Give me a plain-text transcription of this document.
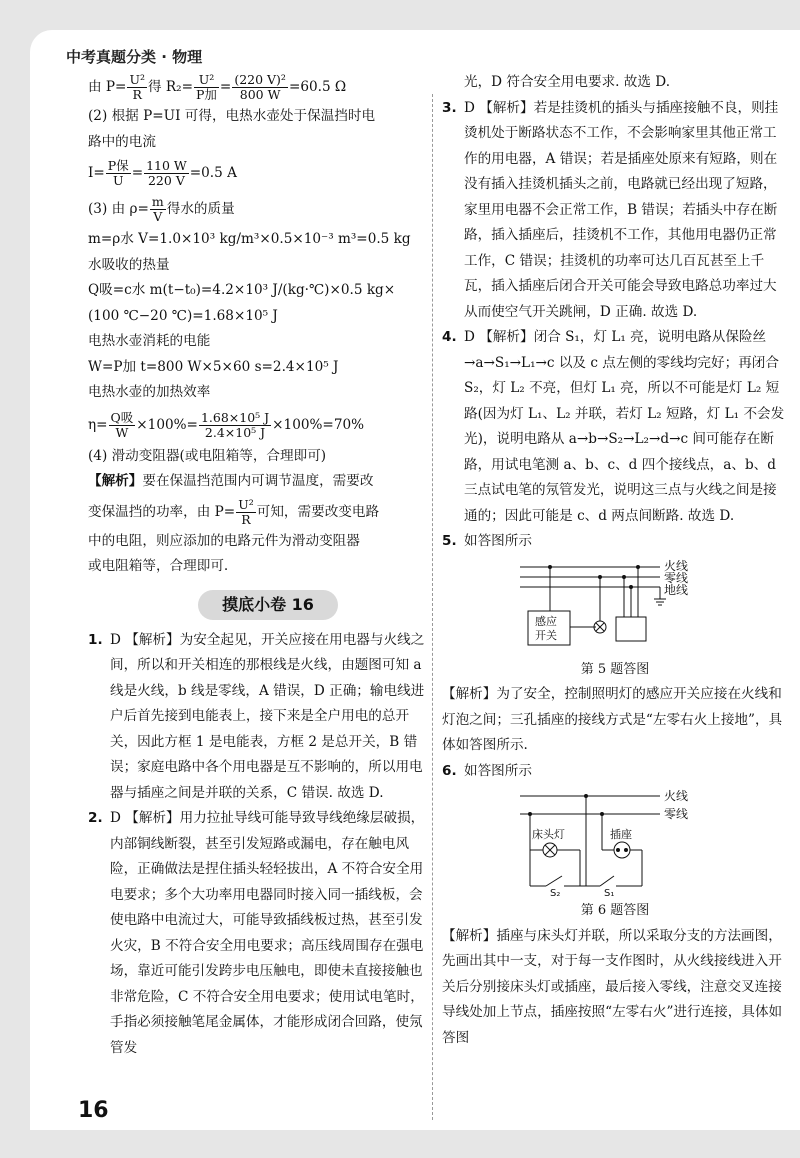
中考真题分类 · 物理

由 $P= \frac{\text{U²}}{R}$ 得 $R_2= \frac{\text{U²}}{\text{P加}} = \frac{\text{(220 V)²}}{800 W} =60.5$ Ω

(2) 根据 P=UI 可得，电热水壶处于保温挡时电

路中的电流

$I= \frac{\text{P保}}{U} = \frac{110 W}{220 V} =0.5$ A

(3) 由 $\rho= \frac{m}{V}$ 得水的质量

m=ρ水 V=1.0×10³ kg/m³×0.5×10⁻³ m³=0.5 kg

水吸收的热量

Q吸=c水 m(t−t₀)=4.2×10³ J/(kg·℃)×0.5 kg×

(100 ℃−20 ℃)=1.68×10⁵ J

电热水壶消耗的电能

W=P加 t=800 W×5×60 s=2.4×10⁵ J

电热水壶的加热效率

$\eta= \frac{\text{Q吸}}{W} \times 100\%= \frac{\text{1.68×10⁵ J}}{\text{2.4×10⁵ J}} \times 100\%=70\%$

(4) 滑动变阻器(或电阻箱等，合理即可)

【解析】要在保温挡范围内可调节温度，需要改

变保温挡的功率，由 $P= \frac{\text{U²}}{R}$ 可知，需要改变电路

中的电阻，则应添加的电路元件为滑动变阻器

或电阻箱等，合理即可.

摸底小卷 16

1. D 【解析】为安全起见，开关应接在用电器与火线之间，所以和开关相连的那根线是火线，由题图可知 a 线是火线，b 线是零线，A 错误，D 正确；输电线进户后首先接到电能表上，接下来是全户用电的总开关，因此方框 1 是电能表，方框 2 是总开关，B 错误；家庭电路中各个用电器是互不影响的，所以用电器与插座之间是并联的关系，C 错误. 故选 D.

2. D 【解析】用力拉扯导线可能导致导线绝缘层破损，内部铜线断裂，甚至引发短路或漏电，存在触电风险，正确做法是捏住插头轻轻拔出，A 不符合安全用电要求；多个大功率用电器同时接入同一插线板，会使电路中电流过大，可能导致插线板过热，甚至引发火灾，B 不符合安全用电要求；高压线周围存在强电场，靠近可能引发跨步电压触电，即使未直接接触也非常危险，C 不符合安全用电要求；使用试电笔时，手指必须接触笔尾金属体，才能形成闭合回路，使氖管发

光，D 符合安全用电要求. 故选 D.

3. D 【解析】若是挂烫机的插头与插座接触不良，则挂烫机处于断路状态不工作，不会影响家里其他正常工作的用电器，A 错误；若是插座处原来有短路，则在没有插入挂烫机插头之前，电路就已经出现了短路，家里用电器不会正常工作，B 错误；若插头中存在断路，插入插座后，挂烫机不工作，其他用电器仍正常工作，C 错误；挂烫机的功率可达几百瓦甚至上千瓦，插入插座后闭合开关可能会导致电路总功率过大从而使空气开关跳闸，D 正确. 故选 D.

4. D 【解析】闭合 S₁，灯 L₁ 亮，说明电路从保险丝→a→S₁→L₁→c 以及 c 点左侧的零线均完好；再闭合 S₂，灯 L₂ 不亮，但灯 L₁ 亮，所以不可能是灯 L₂ 短路(因为灯 L₁、L₂ 并联，若灯 L₂ 短路，灯 L₁ 不会发光)，说明电路从 a→b→S₂→L₂→d→c 间可能存在断路，用试电笔测 a、b、c、d 四个接线点，a、b、d 三点试电笔的氖管发光，说明这三点与火线之间是接通的；因此可能是 c、d 两点间断路. 故选 D.

5. 如答图所示

火线
零线
地线
感应
开关

第 5 题答图

【解析】为了安全，控制照明灯的感应开关应接在火线和灯泡之间；三孔插座的接线方式是“左零右火上接地”，具体如答图所示.

6. 如答图所示

火线
零线
床头灯	插座
S₂	S₁

第 6 题答图

【解析】插座与床头灯并联，所以采取分支的方法画图，先画出其中一支，对于每一支作图时，从火线接线进入开关后分别接床头灯或插座，最后接入零线，注意交叉连接导线处加上节点，插座按照“左零右火”进行连接，具体如答图

16
